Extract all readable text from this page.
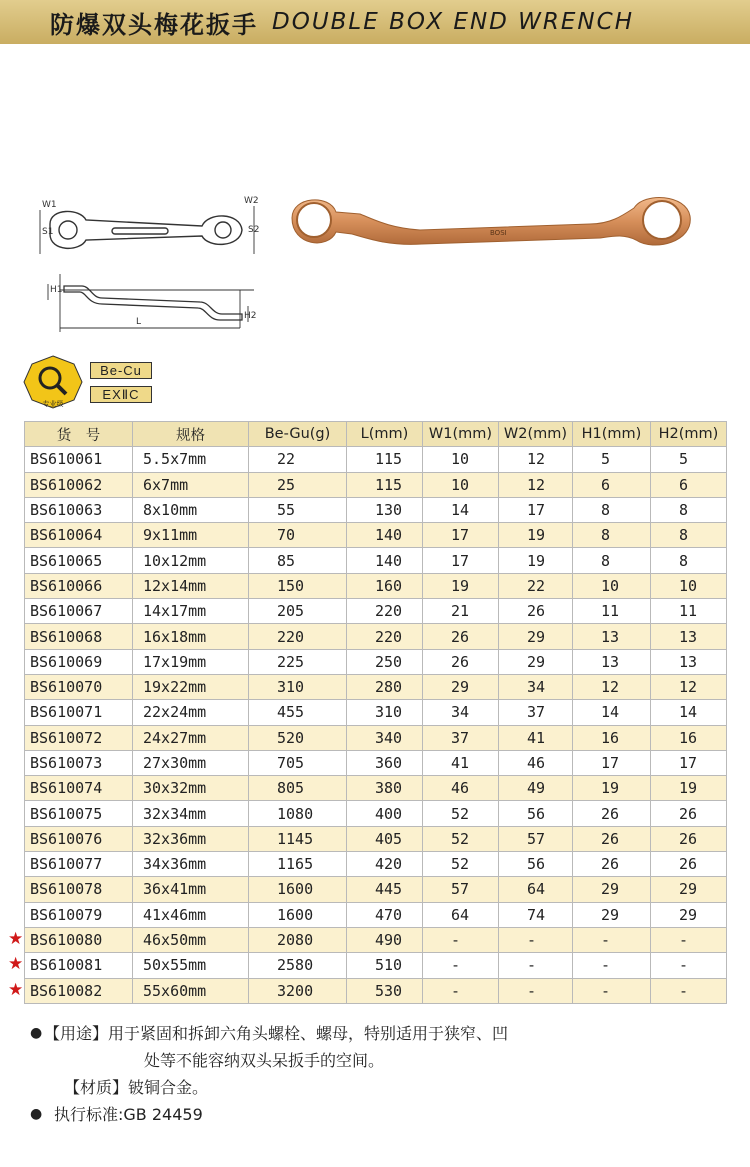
防爆双头梅花扳手 DOUBLE BOX END WRENCH
W1
S1
W2
S2
H1
H2
L
BOSI
专业级
Be-Cu
EXⅡC
★
★
★
货　号	规格	Be-Gu(g)	L(mm)	W1(mm)	W2(mm)	H1(mm)	H2(mm)
BS610061	5.5x7mm	22	115	10	12	5	5
BS610062	6x7mm	25	115	10	12	6	6
BS610063	8x10mm	55	130	14	17	8	8
BS610064	9x11mm	70	140	17	19	8	8
BS610065	10x12mm	85	140	17	19	8	8
BS610066	12x14mm	150	160	19	22	10	10
BS610067	14x17mm	205	220	21	26	11	11
BS610068	16x18mm	220	220	26	29	13	13
BS610069	17x19mm	225	250	26	29	13	13
BS610070	19x22mm	310	280	29	34	12	12
BS610071	22x24mm	455	310	34	37	14	14
BS610072	24x27mm	520	340	37	41	16	16
BS610073	27x30mm	705	360	41	46	17	17
BS610074	30x32mm	805	380	46	49	19	19
BS610075	32x34mm	1080	400	52	56	26	26
BS610076	32x36mm	1145	405	52	57	26	26
BS610077	34x36mm	1165	420	52	56	26	26
BS610078	36x41mm	1600	445	57	64	29	29
BS610079	41x46mm	1600	470	64	74	29	29
BS610080	46x50mm	2080	490	-	-	-	-
BS610081	50x55mm	2580	510	-	-	-	-
BS610082	55x60mm	3200	530	-	-	-	-
● 【用途】 用于紧固和拆卸六角头螺栓、螺母，特别适用于狭窄、凹
处等不能容纳双头呆扳手的空间。
【材质】 铍铜合金。
● 执行标准:GB 24459
